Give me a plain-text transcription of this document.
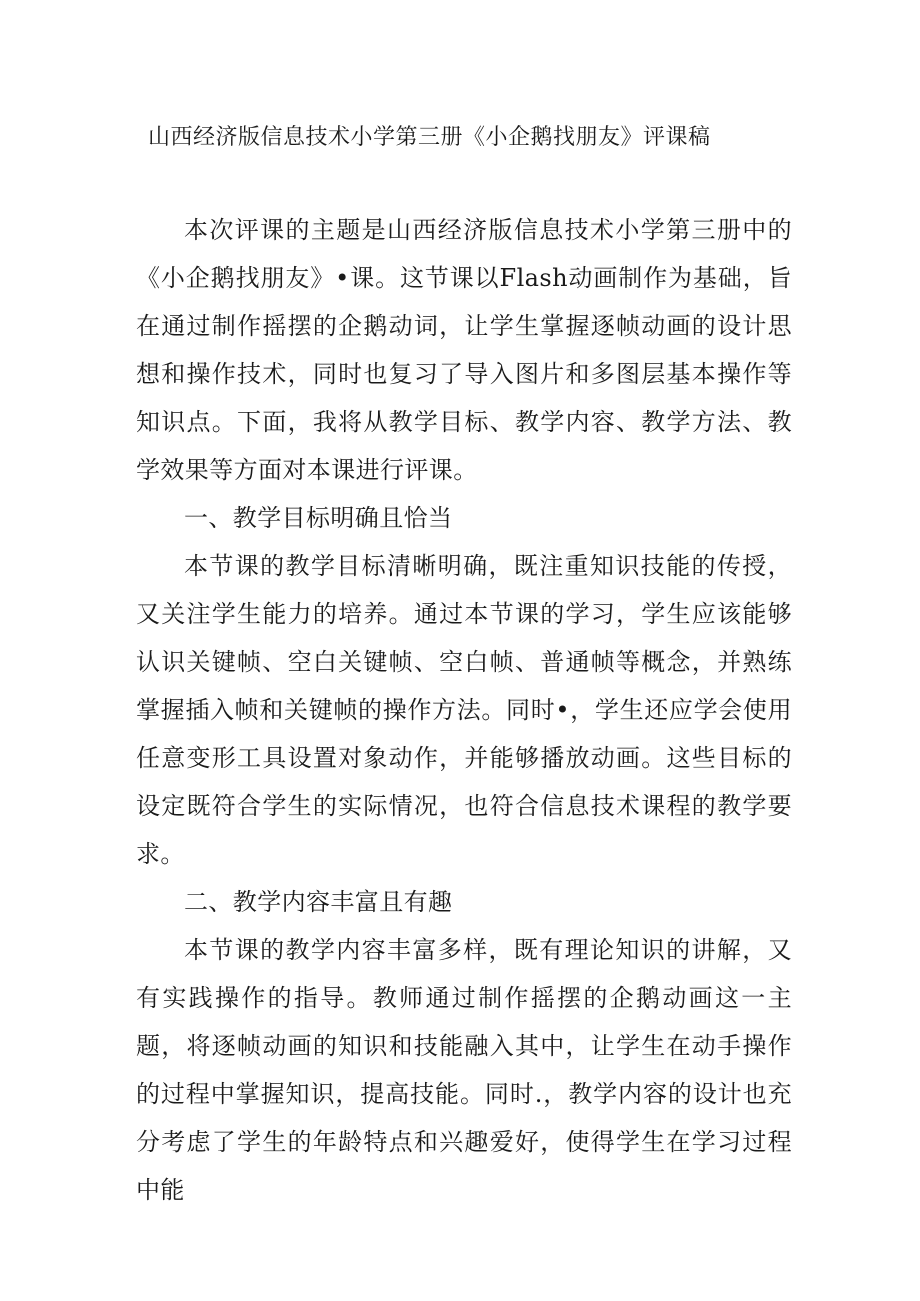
山西经济版信息技术小学第三册《小企鹅找朋友》评课稿

本次评课的主题是山西经济版信息技术小学第三册中的《小企鹅找朋友》•课。这节课以Flash动画制作为基础，旨在通过制作摇摆的企鹅动词，让学生掌握逐帧动画的设计思想和操作技术，同时也复习了导入图片和多图层基本操作等知识点。下面，我将从教学目标、教学内容、教学方法、教学效果等方面对本课进行评课。

一、教学目标明确且恰当

本节课的教学目标清晰明确，既注重知识技能的传授，又关注学生能力的培养。通过本节课的学习，学生应该能够认识关键帧、空白关键帧、空白帧、普通帧等概念，并熟练掌握插入帧和关键帧的操作方法。同时•，学生还应学会使用任意变形工具设置对象动作，并能够播放动画。这些目标的设定既符合学生的实际情况，也符合信息技术课程的教学要求。

二、教学内容丰富且有趣

本节课的教学内容丰富多样，既有理论知识的讲解，又有实践操作的指导。教师通过制作摇摆的企鹅动画这一主题，将逐帧动画的知识和技能融入其中，让学生在动手操作的过程中掌握知识，提高技能。同时.，教学内容的设计也充分考虑了学生的年龄特点和兴趣爱好，使得学生在学习过程中能
